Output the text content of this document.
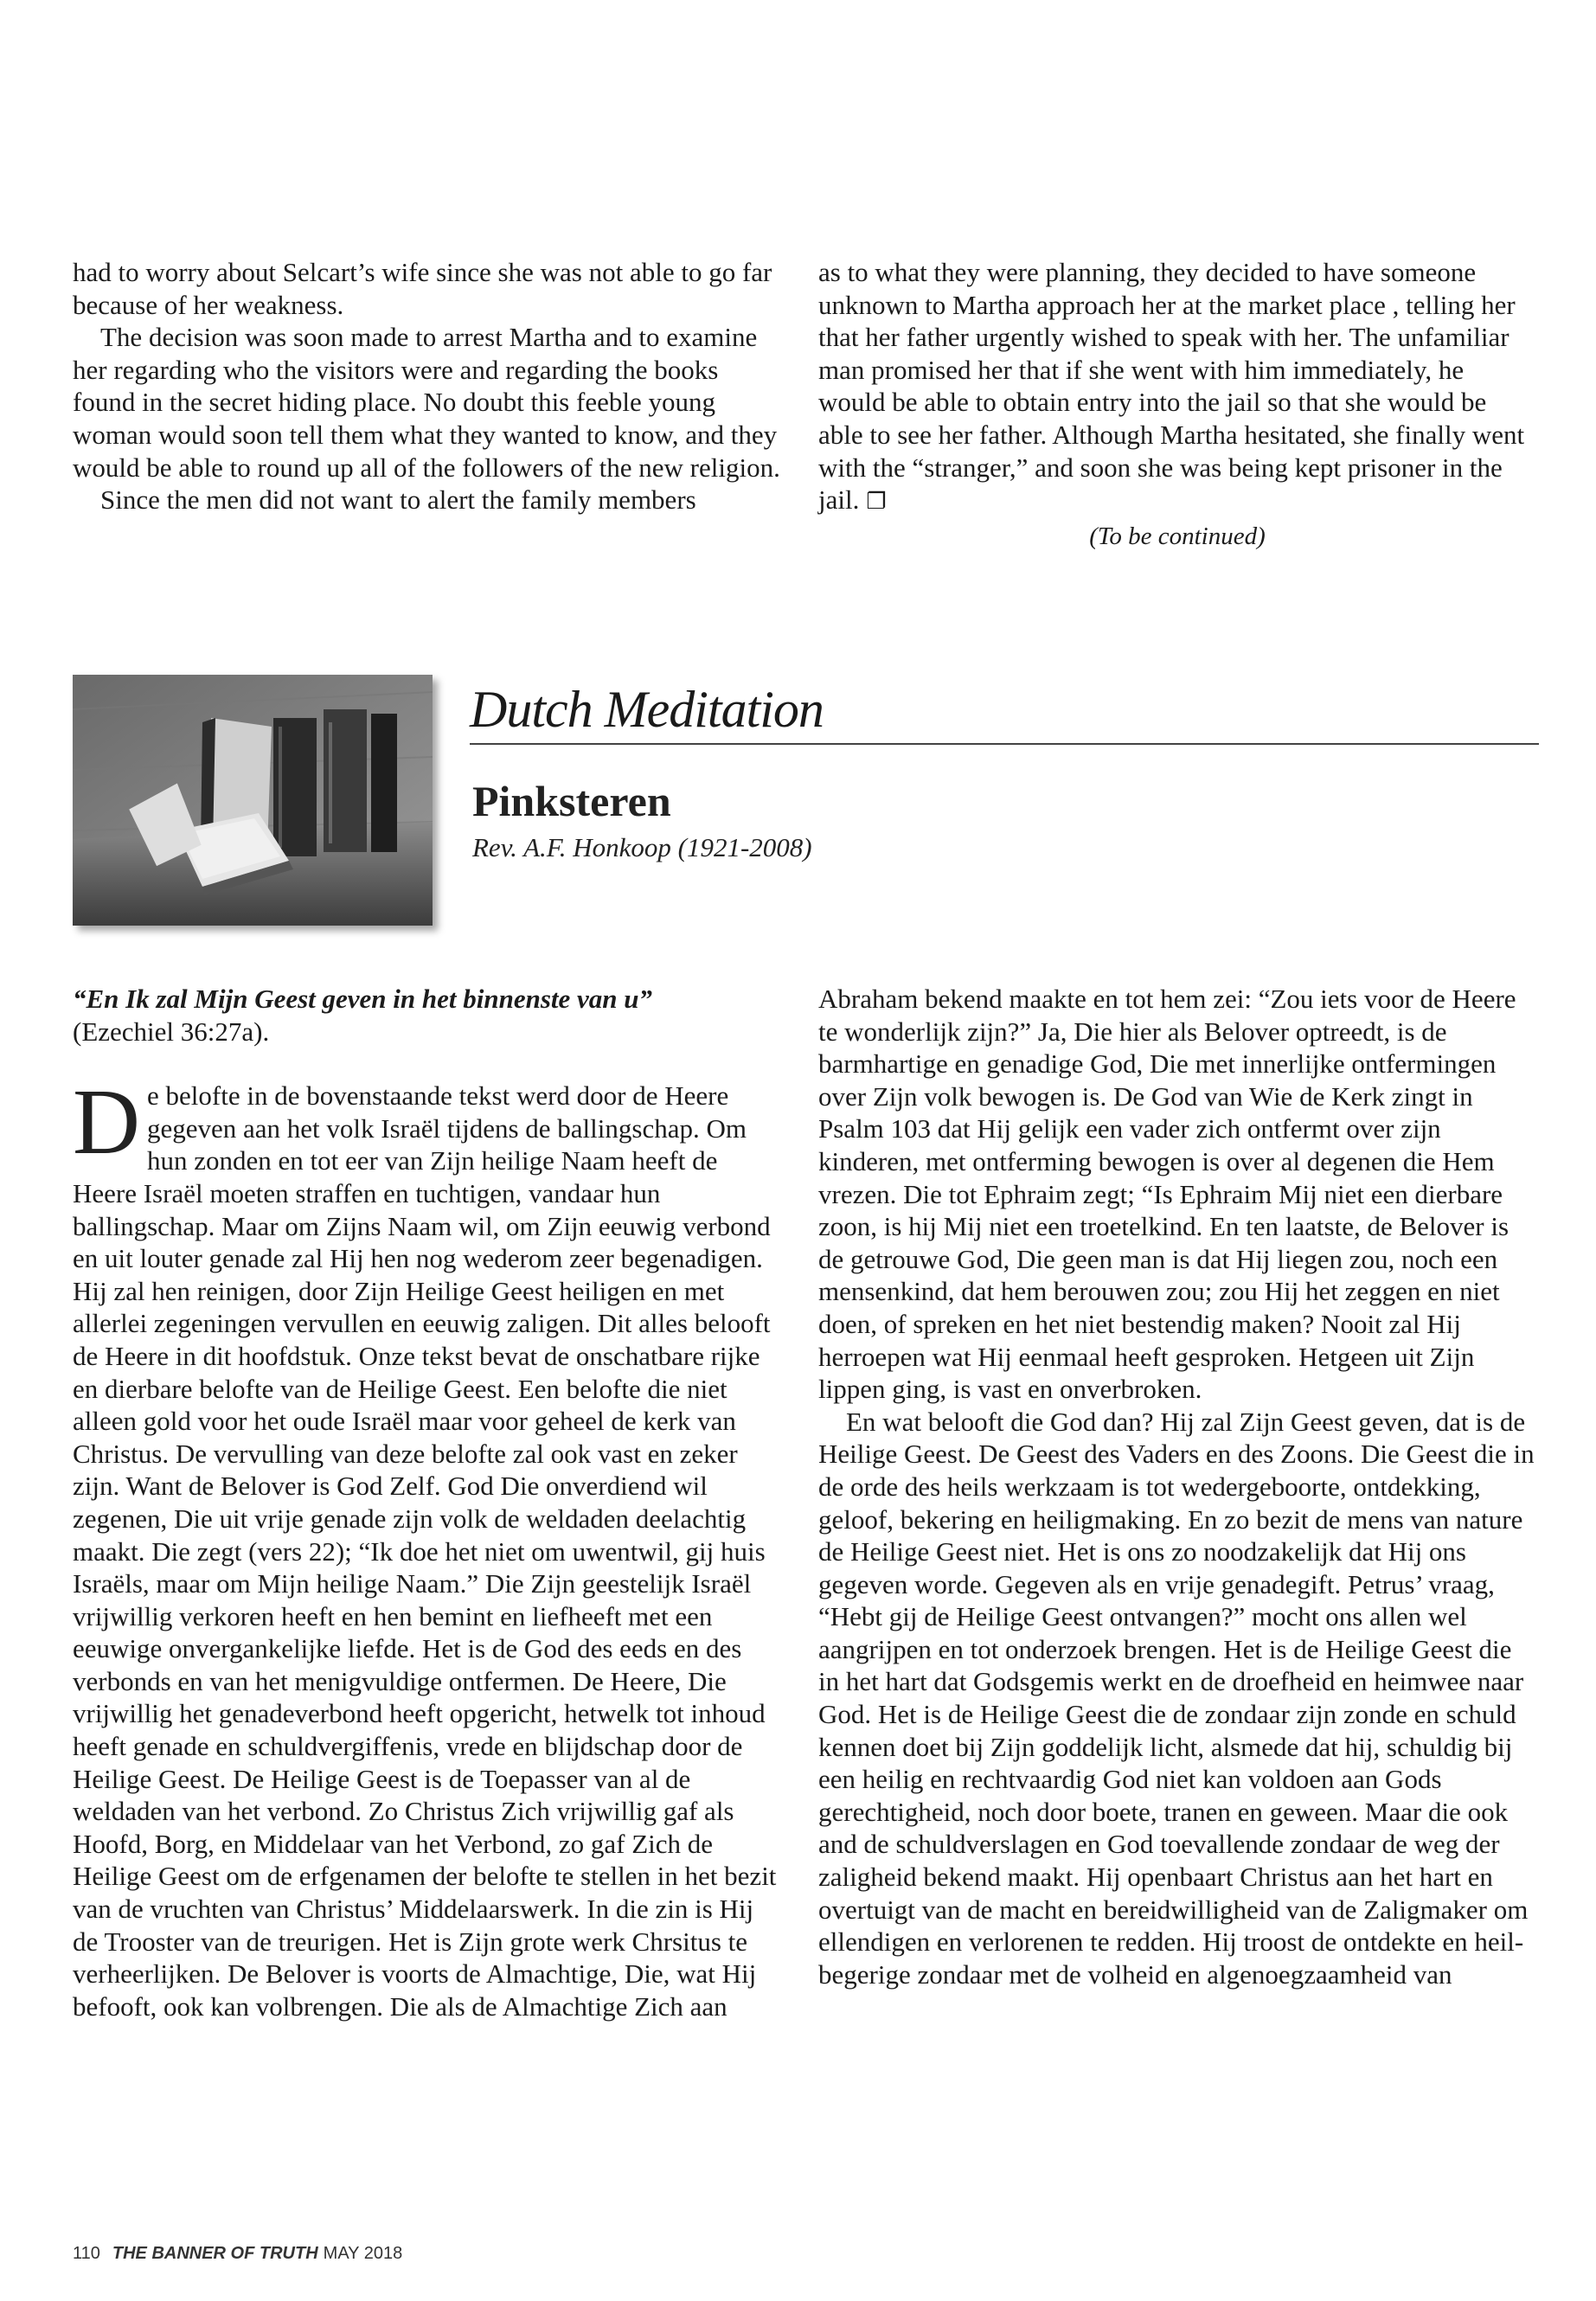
had to worry about Selcart’s wife since she was not able to go far because of her weakness.

The decision was soon made to arrest Martha and to examine her regarding who the visitors were and regarding the books found in the secret hiding place. No doubt this feeble young woman would soon tell them what they wanted to know, and they would be able to round up all of the followers of the new religion.

Since the men did not want to alert the family members

as to what they were planning, they decided to have someone unknown to Martha approach her at the market place , telling her that her father urgently wished to speak with her. The unfamiliar man promised her that if she went with him immediately, he would be able to obtain entry into the jail so that she would be able to see her father. Although Martha hesitated, she finally went with the “stranger,” and soon she was being kept prisoner in the jail. ❐

(To be continued)

Dutch Meditation
Pinksteren
Rev. A.F. Honkoop (1921-2008)

“En Ik zal Mijn Geest geven in het binnenste van u”

(Ezechiel 36:27a).

De belofte in de bovenstaande tekst werd door de Heere gegeven aan het volk Israël tijdens de ballingschap. Om hun zonden en tot eer van Zijn heilige Naam heeft de Heere Israël moeten straffen en tuchtigen, vandaar hun ballingschap. Maar om Zijns Naam wil, om Zijn eeuwig verbond en uit louter genade zal Hij hen nog wederom zeer begenadigen. Hij zal hen reinigen, door Zijn Heilige Geest heiligen en met allerlei zegeningen vervullen en eeuwig zaligen. Dit alles belooft de Heere in dit hoofdstuk. Onze tekst bevat de onschatbare rijke en dierbare belofte van de Heilige Geest. Een belofte die niet alleen gold voor het oude Israël maar voor geheel de kerk van Christus. De vervulling van deze belofte zal ook vast en zeker zijn. Want de Belover is God Zelf. God Die onverdiend wil zegenen, Die uit vrije genade zijn volk de weldaden deelachtig maakt. Die zegt (vers 22); “Ik doe het niet om uwentwil, gij huis Israëls, maar om Mijn heilige Naam.” Die Zijn geestelijk Israël vrijwillig verkoren heeft en hen bemint en liefheeft met een eeuwige onvergankelijke liefde. Het is de God des eeds en des verbonds en van het menigvuldige ontfermen. De Heere, Die vrijwillig het genadeverbond heeft opgericht, hetwelk tot inhoud heeft genade en schuldvergiffenis, vrede en blijdschap door de Heilige Geest. De Heilige Geest is de Toepasser van al de weldaden van het verbond. Zo Christus Zich vrijwillig gaf als Hoofd, Borg, en Middelaar van het Verbond, zo gaf Zich de Heilige Geest om de erfgenamen der belofte te stellen in het bezit van de vruchten van Christus’ Middelaarswerk. In die zin is Hij de Trooster van de treurigen. Het is Zijn grote werk Chrsitus te verheerlijken. De Belover is voorts de Almachtige, Die, wat Hij befooft, ook kan volbrengen. Die als de Almachtige Zich aan

Abraham bekend maakte en tot hem zei: “Zou iets voor de Heere te wonderlijk zijn?” Ja, Die hier als Belover optreedt, is de barmhartige en genadige God, Die met innerlijke ontfermingen over Zijn volk bewogen is. De God van Wie de Kerk zingt in Psalm 103 dat Hij gelijk een vader zich ontfermt over zijn kinderen, met ontferming bewogen is over al degenen die Hem vrezen. Die tot Ephraim zegt; “Is Ephraim Mij niet een dierbare zoon, is hij Mij niet een troetelkind. En ten laatste, de Belover is de getrouwe God, Die geen man is dat Hij liegen zou, noch een mensenkind, dat hem berouwen zou; zou Hij het zeggen en niet doen, of spreken en het niet bestendig maken? Nooit zal Hij herroepen wat Hij eenmaal heeft gesproken. Hetgeen uit Zijn lippen ging, is vast en onverbroken.

En wat belooft die God dan? Hij zal Zijn Geest geven, dat is de Heilige Geest. De Geest des Vaders en des Zoons. Die Geest die in de orde des heils werkzaam is tot wedergeboorte, ontdekking, geloof, bekering en heiligmaking. En zo bezit de mens van nature de Heilige Geest niet. Het is ons zo noodzakelijk dat Hij ons gegeven worde. Gegeven als en vrije genadegift. Petrus’ vraag, “Hebt gij de Heilige Geest ontvangen?” mocht ons allen wel aangrijpen en tot onderzoek brengen. Het is de Heilige Geest die in het hart dat Godsgemis werkt en de droefheid en heimwee naar God. Het is de Heilige Geest die de zondaar zijn zonde en schuld kennen doet bij Zijn goddelijk licht, alsmede dat hij, schuldig bij een heilig en rechtvaardig God niet kan voldoen aan Gods gerechtigheid, noch door boete, tranen en geween. Maar die ook and de schuldverslagen en God toevallende zondaar de weg der zaligheid bekend maakt. Hij openbaart Christus aan het hart en overtuigt van de macht en bereidwilligheid van de Zaligmaker om ellendigen en verlorenen te redden. Hij troost de ontdekte en heilbegerige zondaar met de volheid en algenoegzaamheid van

110 THE BANNER OF TRUTH MAY 2018
